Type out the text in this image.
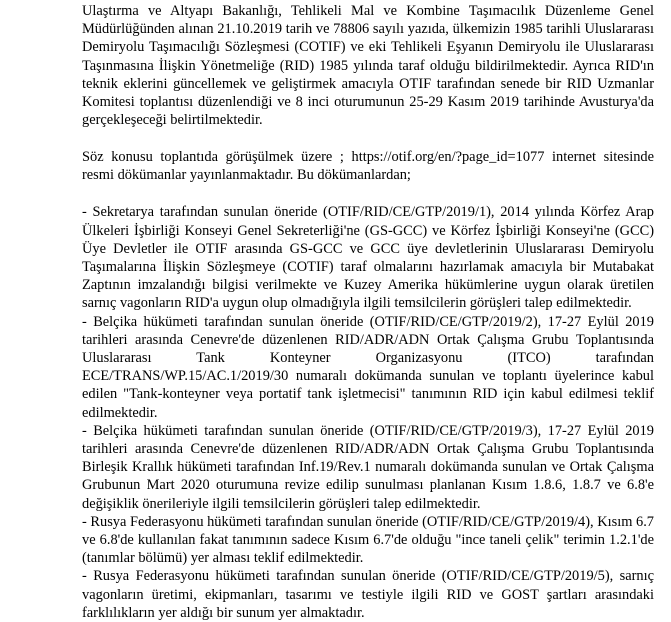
Ulaştırma ve Altyapı Bakanlığı, Tehlikeli Mal ve Kombine Taşımacılık Düzenleme Genel Müdürlüğünden alınan 21.10.2019 tarih ve 78806 sayılı yazıda, ülkemizin 1985 tarihli Uluslararası Demiryolu Taşımacılığı Sözleşmesi (COTIF) ve eki Tehlikeli Eşyanın Demiryolu ile Uluslararası Taşınmasına İlişkin Yönetmeliğe (RID) 1985 yılında taraf olduğu bildirilmektedir. Ayrıca RID'ın teknik eklerini güncellemek ve geliştirmek amacıyla OTIF tarafından senede bir RID Uzmanlar Komitesi toplantısı düzenlendiği ve 8 inci oturumunun 25-29 Kasım 2019 tarihinde Avusturya'da gerçekleşeceği belirtilmektedir.

Söz konusu toplantıda görüşülmek üzere ; https://otif.org/en/?page_id=1077 internet sitesinde resmi dökümanlar yayınlanmaktadır. Bu dökümanlardan;

- Sekretarya tarafından sunulan öneride (OTIF/RID/CE/GTP/2019/1), 2014 yılında Körfez Arap Ülkeleri İşbirliği Konseyi Genel Sekreterliği'ne (GS-GCC) ve Körfez İşbirliği Konseyi'ne (GCC) Üye Devletler ile OTIF arasında GS-GCC ve GCC üye devletlerinin Uluslararası Demiryolu Taşımalarına İlişkin Sözleşmeye (COTIF) taraf olmalarını hazırlamak amacıyla bir Mutabakat Zaptının imzalandığı bilgisi verilmekte ve Kuzey Amerika hükümlerine uygun olarak üretilen sarnıç vagonların RID'a uygun olup olmadığıyla ilgili temsilcilerin görüşleri talep edilmektedir.

- Belçika hükümeti tarafından sunulan öneride (OTIF/RID/CE/GTP/2019/2), 17-27 Eylül 2019 tarihleri arasında Cenevre'de düzenlenen RID/ADR/ADN Ortak Çalışma Grubu Toplantısında Uluslararası Tank Konteyner Organizasyonu (ITCO) tarafından ECE/TRANS/WP.15/AC.1/2019/30 numaralı dokümanda sunulan ve toplantı üyelerince kabul edilen "Tank-konteyner veya portatif tank işletmecisi" tanımının RID için kabul edilmesi teklif edilmektedir.

- Belçika hükümeti tarafından sunulan öneride (OTIF/RID/CE/GTP/2019/3), 17-27 Eylül 2019 tarihleri arasında Cenevre'de düzenlenen RID/ADR/ADN Ortak Çalışma Grubu Toplantısında Birleşik Krallık hükümeti tarafından Inf.19/Rev.1 numaralı dokümanda sunulan ve Ortak Çalışma Grubunun Mart 2020 oturumuna revize edilip sunulması planlanan Kısım 1.8.6, 1.8.7 ve 6.8'e değişiklik önerileriyle ilgili temsilcilerin görüşleri talep edilmektedir.

- Rusya Federasyonu hükümeti tarafından sunulan öneride (OTIF/RID/CE/GTP/2019/4), Kısım 6.7 ve 6.8'de kullanılan fakat tanımının sadece Kısım 6.7'de olduğu "ince taneli çelik" terimin 1.2.1'de (tanımlar bölümü) yer alması teklif edilmektedir.

- Rusya Federasyonu hükümeti tarafından sunulan öneride (OTIF/RID/CE/GTP/2019/5), sarnıç vagonların üretimi, ekipmanları, tasarımı ve testiyle ilgili RID ve GOST şartları arasındaki farklılıkların yer aldığı bir sunum yer almaktadır.
